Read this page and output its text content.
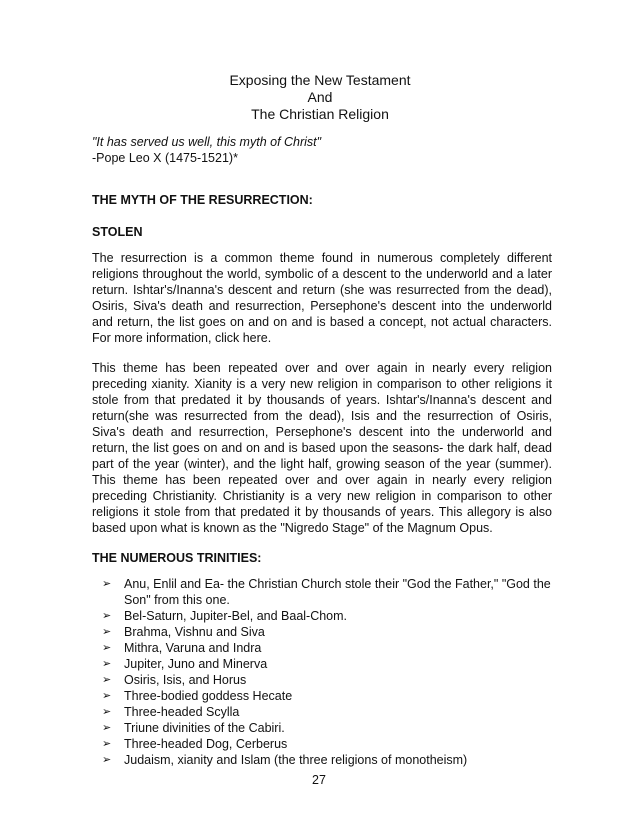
Exposing the New Testament
And
The Christian Religion
"It has served us well, this myth of Christ"
-Pope Leo X (1475-1521)*
THE MYTH OF THE RESURRECTION:
STOLEN

The resurrection is a common theme found in numerous completely different religions throughout the world, symbolic of a descent to the underworld and a later return. Ishtar's/Inanna's descent and return (she was resurrected from the dead), Osiris, Siva's death and resurrection, Persephone's descent into the underworld and return, the list goes on and on and is based a concept, not actual characters. For more information, click here.

This theme has been repeated over and over again in nearly every religion preceding xianity. Xianity is a very new religion in comparison to other religions it stole from that predated it by thousands of years. Ishtar's/Inanna's descent and return(she was resurrected from the dead), Isis and the resurrection of Osiris, Siva's death and resurrection, Persephone's descent into the underworld and return, the list goes on and on and is based upon the seasons- the dark half, dead part of the year (winter), and the light half, growing season of the year (summer). This theme has been repeated over and over again in nearly every religion preceding Christianity. Christianity is a very new religion in comparison to other religions it stole from that predated it by thousands of years. This allegory is also based upon what is known as the "Nigredo Stage" of the Magnum Opus.

THE NUMEROUS TRINITIES:
➢ Anu, Enlil and Ea- the Christian Church stole their "God the Father," "God the Son" from this one.
➢ Bel-Saturn, Jupiter-Bel, and Baal-Chom.
➢ Brahma, Vishnu and Siva
➢ Mithra, Varuna and Indra
➢ Jupiter, Juno and Minerva
➢ Osiris, Isis, and Horus
➢ Three-bodied goddess Hecate
➢ Three-headed Scylla
➢ Triune divinities of the Cabiri.
➢ Three-headed Dog, Cerberus
➢ Judaism, xianity and Islam (the three religions of monotheism)
27
